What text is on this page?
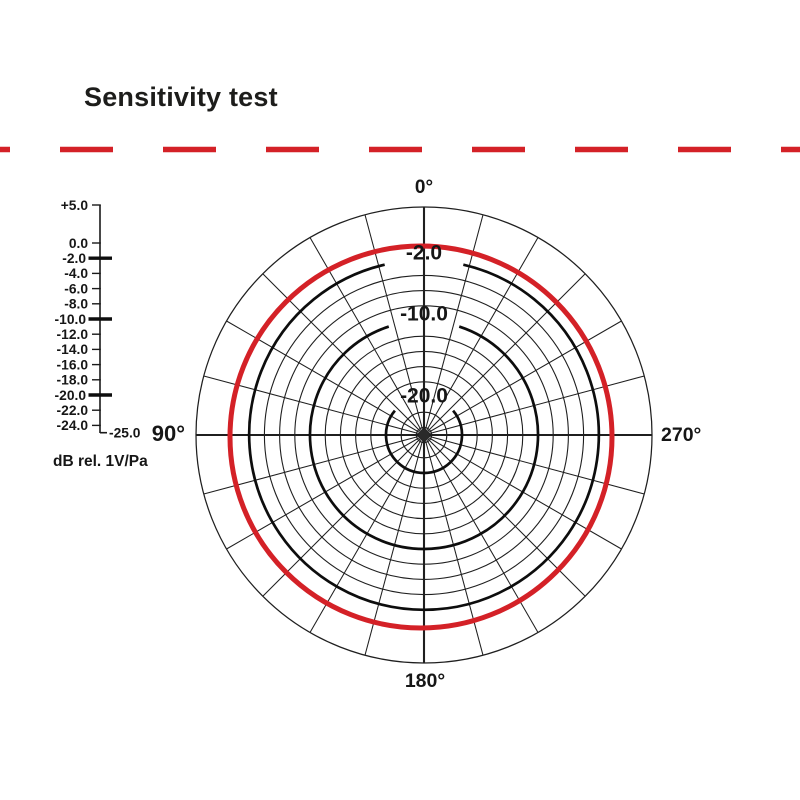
Sensitivity test
-2.0
-10.0
-20.0
0°
90°	270°
180°
+5.0
0.0
-2.0
-4.0
-6.0
-8.0
-10.0
-12.0
-14.0
-16.0
-18.0
-20.0
-22.0
-24.0 -25.0
dB rel. 1V/Pa
